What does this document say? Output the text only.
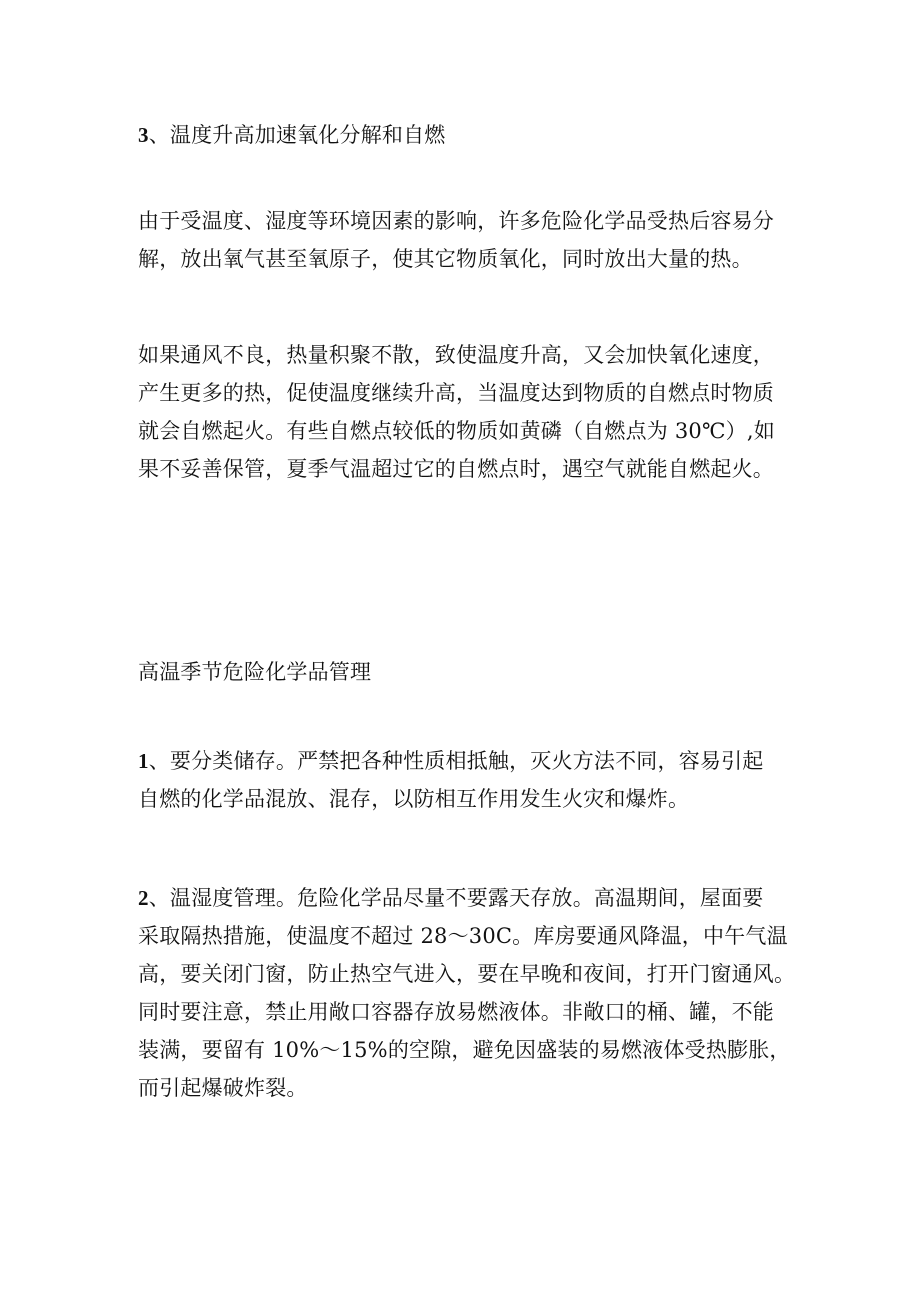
3、温度升高加速氧化分解和自燃
由于受温度、湿度等环境因素的影响，许多危险化学品受热后容易分
解，放出氧气甚至氧原子，使其它物质氧化，同时放出大量的热。
如果通风不良，热量积聚不散，致使温度升高，又会加快氧化速度，
产生更多的热，促使温度继续升高，当温度达到物质的自燃点时物质
就会自燃起火。有些自燃点较低的物质如黄磷（自燃点为 30℃）,如
果不妥善保管，夏季气温超过它的自燃点时，遇空气就能自燃起火。
高温季节危险化学品管理
1、要分类储存。严禁把各种性质相抵触，灭火方法不同，容易引起
自燃的化学品混放、混存，以防相互作用发生火灾和爆炸。
2、温湿度管理。危险化学品尽量不要露天存放。高温期间，屋面要
采取隔热措施，使温度不超过 28～30C。库房要通风降温，中午气温
高，要关闭门窗，防止热空气进入，要在早晚和夜间，打开门窗通风。
同时要注意，禁止用敞口容器存放易燃液体。非敞口的桶、罐，不能
装满，要留有 10%～15%的空隙，避免因盛装的易燃液体受热膨胀，
而引起爆破炸裂。
